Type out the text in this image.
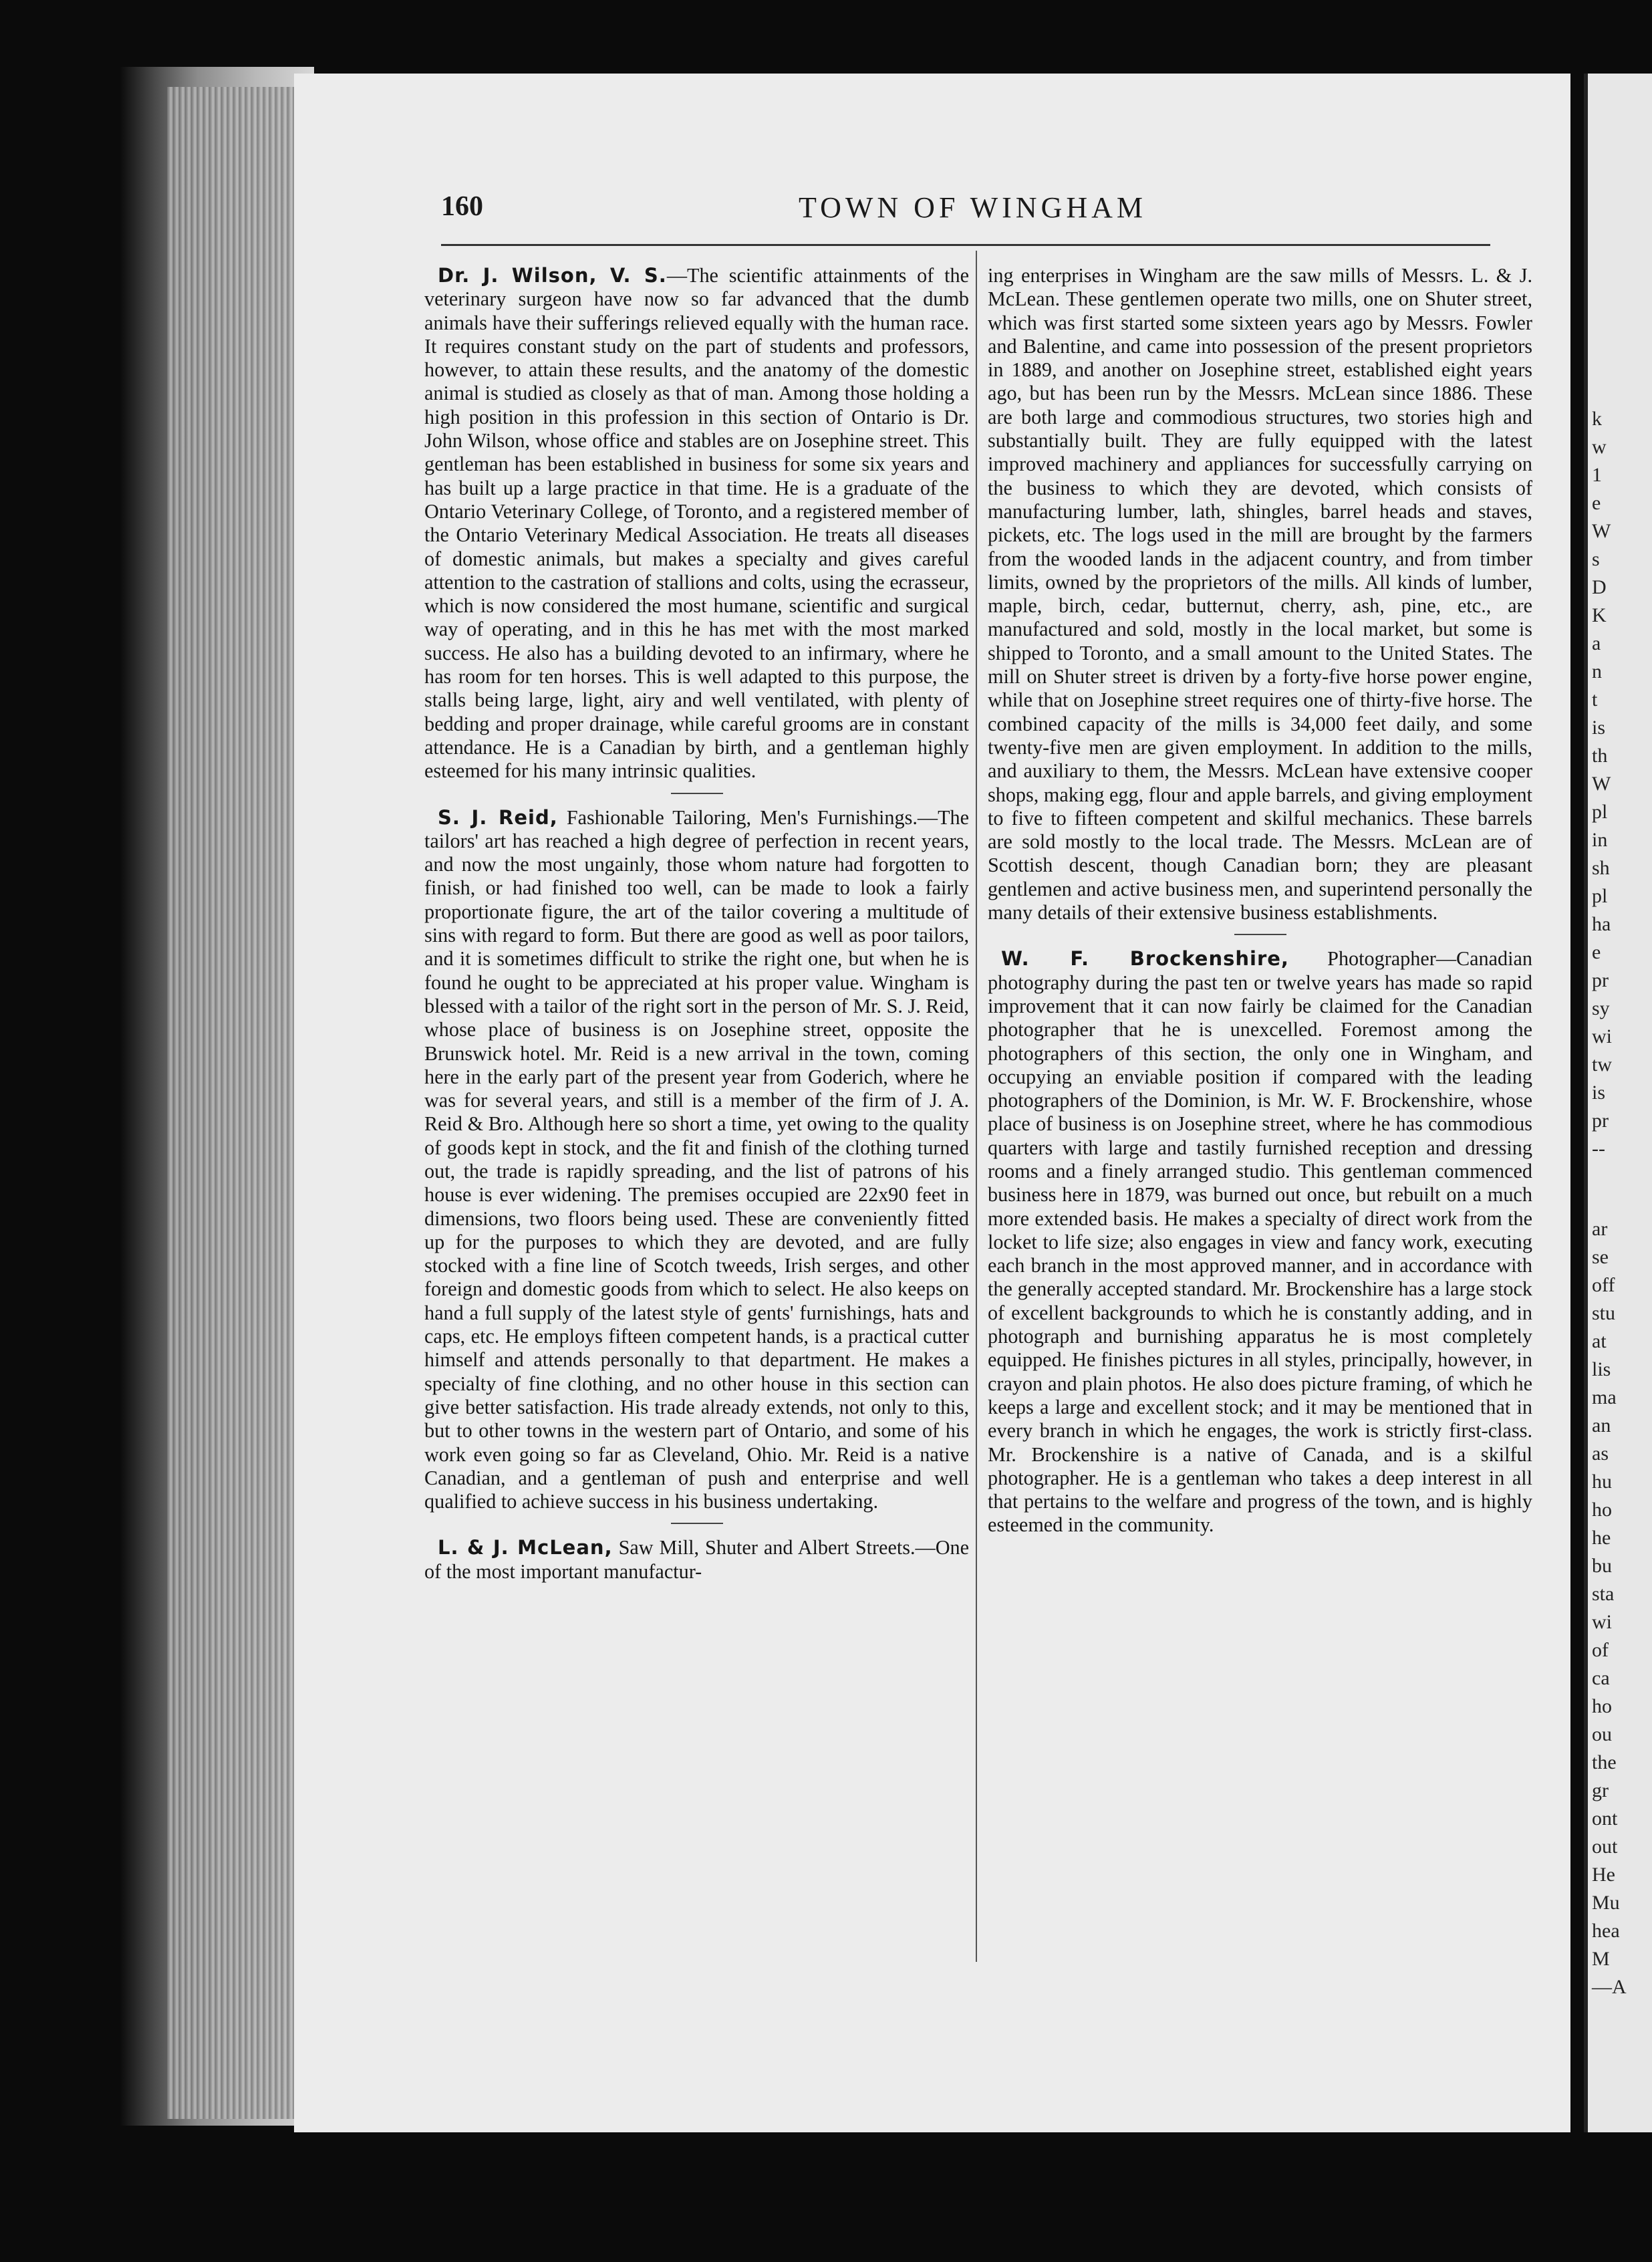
k
w
1
e
W
s
D
K
a
n
t
is
th
W
pl
in
sh
pl
ha
e
pr
sy
wi
tw
is
pr
--
ar
se
off
stu
at
lis
ma
an
as
hu
ho
he
bu
sta
wi
of
ca
ho
ou
the
gr
ont
out
He
Mu
hea
M
—A
160	TOWN OF WINGHAM

Dr. J. Wilson, V. S.—The scientific attainments of the veterinary surgeon have now so far advanced that the dumb animals have their sufferings relieved equally with the human race. It requires constant study on the part of students and professors, however, to attain these results, and the anatomy of the domestic animal is studied as closely as that of man. Among those holding a high position in this profession in this section of Ontario is Dr. John Wilson, whose office and stables are on Josephine street. This gentleman has been established in business for some six years and has built up a large practice in that time. He is a graduate of the Ontario Veterinary College, of Toronto, and a registered member of the Ontario Veterinary Medical Association. He treats all diseases of domestic animals, but makes a specialty and gives careful attention to the castration of stallions and colts, using the ecrasseur, which is now considered the most humane, scientific and surgical way of operating, and in this he has met with the most marked success. He also has a building devoted to an infirmary, where he has room for ten horses. This is well adapted to this purpose, the stalls being large, light, airy and well ventilated, with plenty of bedding and proper drainage, while careful grooms are in constant attendance. He is a Canadian by birth, and a gentleman highly esteemed for his many intrinsic qualities.

S. J. Reid, Fashionable Tailoring, Men's Furnishings.—The tailors' art has reached a high degree of perfection in recent years, and now the most ungainly, those whom nature had forgotten to finish, or had finished too well, can be made to look a fairly proportionate figure, the art of the tailor covering a multitude of sins with regard to form. But there are good as well as poor tailors, and it is sometimes difficult to strike the right one, but when he is found he ought to be appreciated at his proper value. Wingham is blessed with a tailor of the right sort in the person of Mr. S. J. Reid, whose place of business is on Josephine street, opposite the Brunswick hotel. Mr. Reid is a new arrival in the town, coming here in the early part of the present year from Goderich, where he was for several years, and still is a member of the firm of J. A. Reid & Bro. Although here so short a time, yet owing to the quality of goods kept in stock, and the fit and finish of the clothing turned out, the trade is rapidly spreading, and the list of patrons of his house is ever widening. The premises occupied are 22x90 feet in dimensions, two floors being used. These are conveniently fitted up for the purposes to which they are devoted, and are fully stocked with a fine line of Scotch tweeds, Irish serges, and other foreign and domestic goods from which to select. He also keeps on hand a full supply of the latest style of gents' furnishings, hats and caps, etc. He employs fifteen competent hands, is a practical cutter himself and attends personally to that department. He makes a specialty of fine clothing, and no other house in this section can give better satisfaction. His trade already extends, not only to this, but to other towns in the western part of Ontario, and some of his work even going so far as Cleveland, Ohio. Mr. Reid is a native Canadian, and a gentleman of push and enterprise and well qualified to achieve success in his business undertaking.

L. & J. McLean, Saw Mill, Shuter and Albert Streets.—One of the most important manufactur-

ing enterprises in Wingham are the saw mills of Messrs. L. & J. McLean. These gentlemen operate two mills, one on Shuter street, which was first started some sixteen years ago by Messrs. Fowler and Balentine, and came into possession of the present proprietors in 1889, and another on Josephine street, established eight years ago, but has been run by the Messrs. McLean since 1886. These are both large and commodious structures, two stories high and substantially built. They are fully equipped with the latest improved machinery and appliances for successfully carrying on the business to which they are devoted, which consists of manufacturing lumber, lath, shingles, barrel heads and staves, pickets, etc. The logs used in the mill are brought by the farmers from the wooded lands in the adjacent country, and from timber limits, owned by the proprietors of the mills. All kinds of lumber, maple, birch, cedar, butternut, cherry, ash, pine, etc., are manufactured and sold, mostly in the local market, but some is shipped to Toronto, and a small amount to the United States. The mill on Shuter street is driven by a forty-five horse power engine, while that on Josephine street requires one of thirty-five horse. The combined capacity of the mills is 34,000 feet daily, and some twenty-five men are given employment. In addition to the mills, and auxiliary to them, the Messrs. McLean have extensive cooper shops, making egg, flour and apple barrels, and giving employment to five to fifteen competent and skilful mechanics. These barrels are sold mostly to the local trade. The Messrs. McLean are of Scottish descent, though Canadian born; they are pleasant gentlemen and active business men, and superintend personally the many details of their extensive business establishments.

W. F. Brockenshire, Photographer—Canadian photography during the past ten or twelve years has made so rapid improvement that it can now fairly be claimed for the Canadian photographer that he is unexcelled. Foremost among the photographers of this section, the only one in Wingham, and occupying an enviable position if compared with the leading photographers of the Dominion, is Mr. W. F. Brockenshire, whose place of business is on Josephine street, where he has commodious quarters with large and tastily furnished reception and dressing rooms and a finely arranged studio. This gentleman commenced business here in 1879, was burned out once, but rebuilt on a much more extended basis. He makes a specialty of direct work from the locket to life size; also engages in view and fancy work, executing each branch in the most approved manner, and in accordance with the generally accepted standard. Mr. Brockenshire has a large stock of excellent backgrounds to which he is constantly adding, and in photograph and burnishing apparatus he is most completely equipped. He finishes pictures in all styles, principally, however, in crayon and plain photos. He also does picture framing, of which he keeps a large and excellent stock; and it may be mentioned that in every branch in which he engages, the work is strictly first-class. Mr. Brockenshire is a native of Canada, and is a skilful photographer. He is a gentleman who takes a deep interest in all that pertains to the welfare and progress of the town, and is highly esteemed in the community.
